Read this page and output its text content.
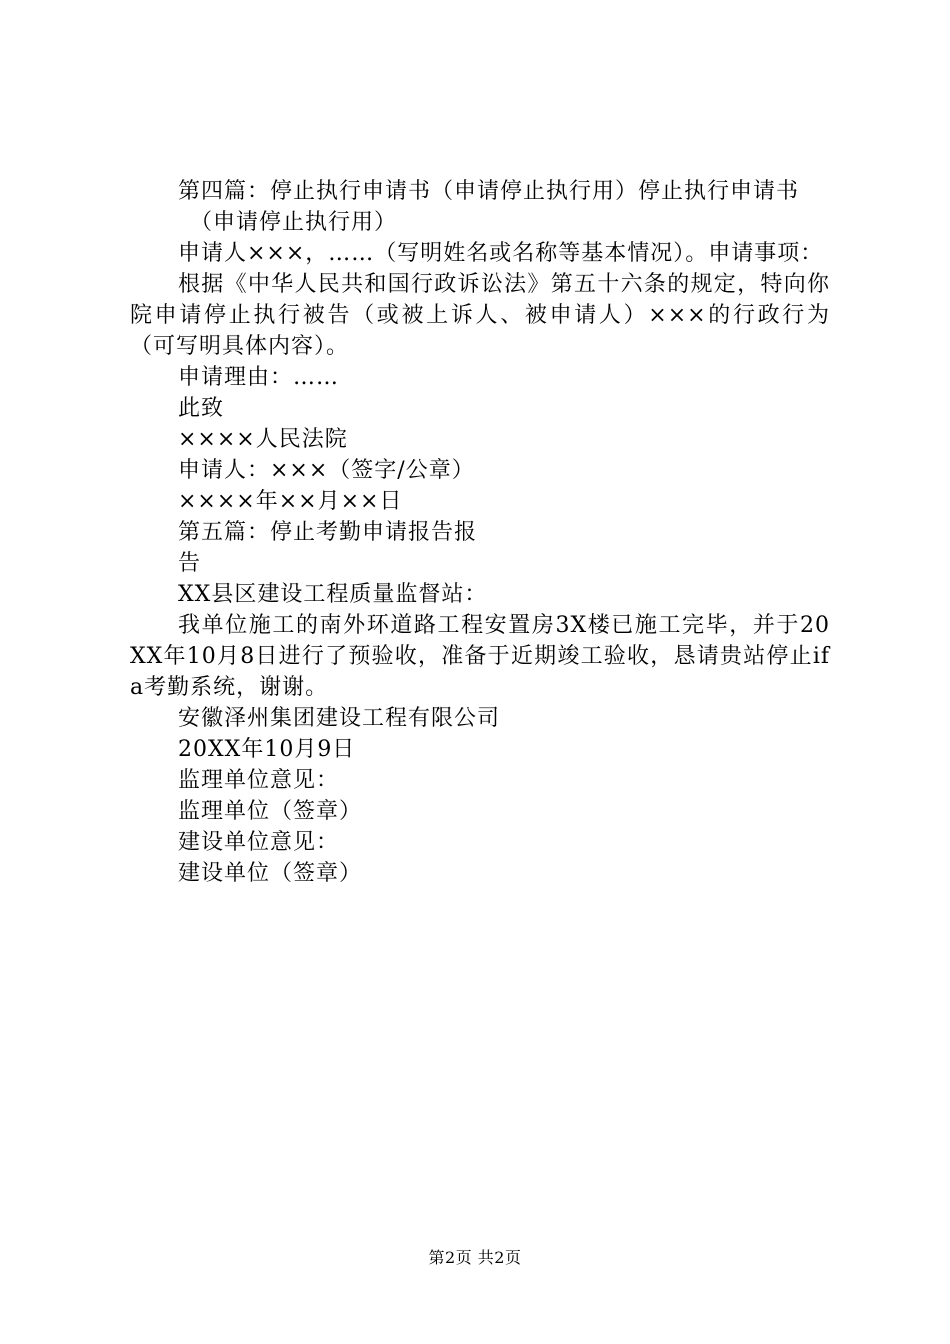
第四篇：停止执行申请书（申请停止执行用）停止执行申请书

（申请停止执行用）

申请人×××，……（写明姓名或名称等基本情况）。申请事项：

根据《中华人民共和国行政诉讼法》第五十六条的规定，特向你院申请停止执行被告（或被上诉人、被申请人）×××的行政行为（可写明具体内容）。

申请理由：……

此致

××××人民法院

申请人：×××（签字/公章）

××××年××月××日

第五篇：停止考勤申请报告报

告

XX县区建设工程质量监督站：

我单位施工的南外环道路工程安置房3X楼已施工完毕，并于20XX年10月8日进行了预验收，准备于近期竣工验收，恳请贵站停止ifa考勤系统，谢谢。

安徽泽州集团建设工程有限公司

20XX年10月9日

监理单位意见：

监理单位（签章）

建设单位意见：

建设单位（签章）

第2页 共2页
